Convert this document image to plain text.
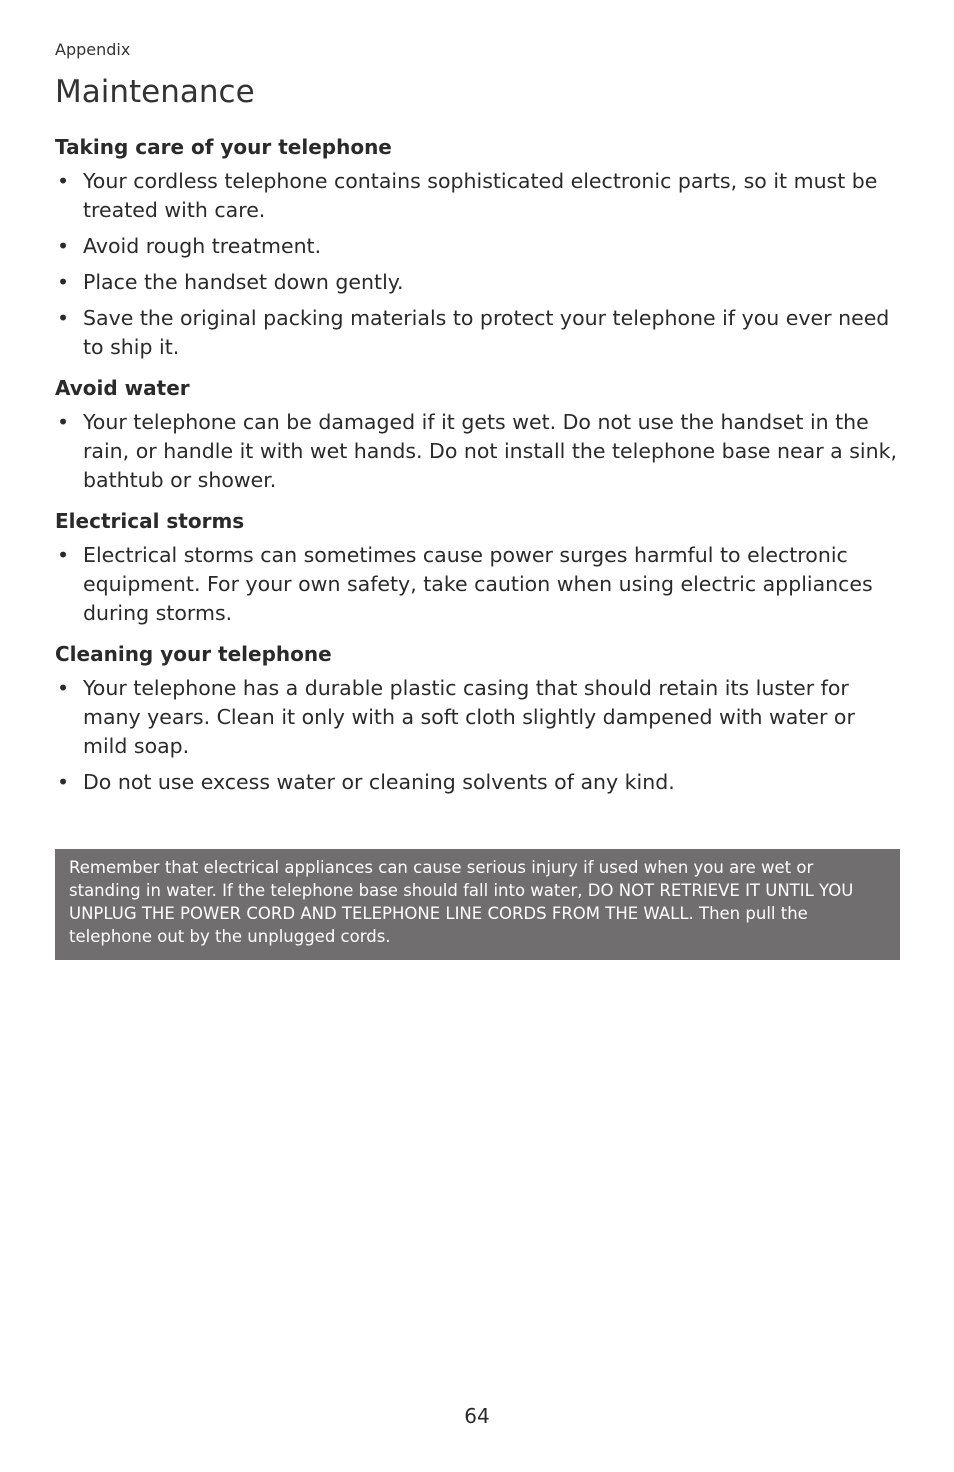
Appendix
Maintenance
Taking care of your telephone
• Your cordless telephone contains sophisticated electronic parts, so it must be treated with care.
• Avoid rough treatment.
• Place the handset down gently.
• Save the original packing materials to protect your telephone if you ever need to ship it.
Avoid water
• Your telephone can be damaged if it gets wet. Do not use the handset in the rain, or handle it with wet hands. Do not install the telephone base near a sink, bathtub or shower.
Electrical storms
• Electrical storms can sometimes cause power surges harmful to electronic equipment. For your own safety, take caution when using electric appliances during storms.
Cleaning your telephone
• Your telephone has a durable plastic casing that should retain its luster for many years. Clean it only with a soft cloth slightly dampened with water or mild soap.
• Do not use excess water or cleaning solvents of any kind.
Remember that electrical appliances can cause serious injury if used when you are wet or standing in water. If the telephone base should fall into water, DO NOT RETRIEVE IT UNTIL YOU UNPLUG THE POWER CORD AND TELEPHONE LINE CORDS FROM THE WALL. Then pull the telephone out by the unplugged cords.
64
